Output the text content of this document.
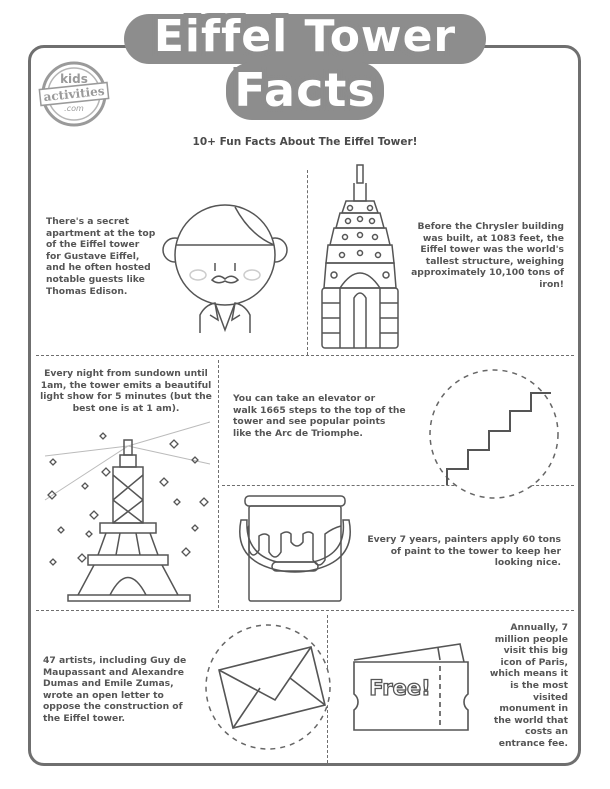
Eiffel Tower
Facts
kids
activities
.com
10+ Fun Facts About The Eiffel Tower!
There's a secret
apartment at the top
of the Eiffel tower
for Gustave Eiffel,
and he often hosted
notable guests like
Thomas Edison.
Before the Chrysler building
was built, at 1083 feet, the
Eiffel tower was the world's
tallest structure, weighing
approximately 10,100 tons of
iron!
Every night from sundown until
1am, the tower emits a beautiful
light show for 5 minutes (but the
best one is at 1 am).
You can take an elevator or
walk 1665 steps to the top of the
tower and see popular points
like the Arc de Triomphe.
Every 7 years, painters apply 60 tons
of paint to the tower to keep her
looking nice.
47 artists, including Guy de
Maupassant and Alexandre
Dumas and Emile Zumas,
wrote an open letter to
oppose the construction of
the Eiffel tower.
Free!
Annually, 7
million people
visit this big
icon of Paris,
which means it
is the most
visited
monument in
the world that
costs an
entrance fee.
